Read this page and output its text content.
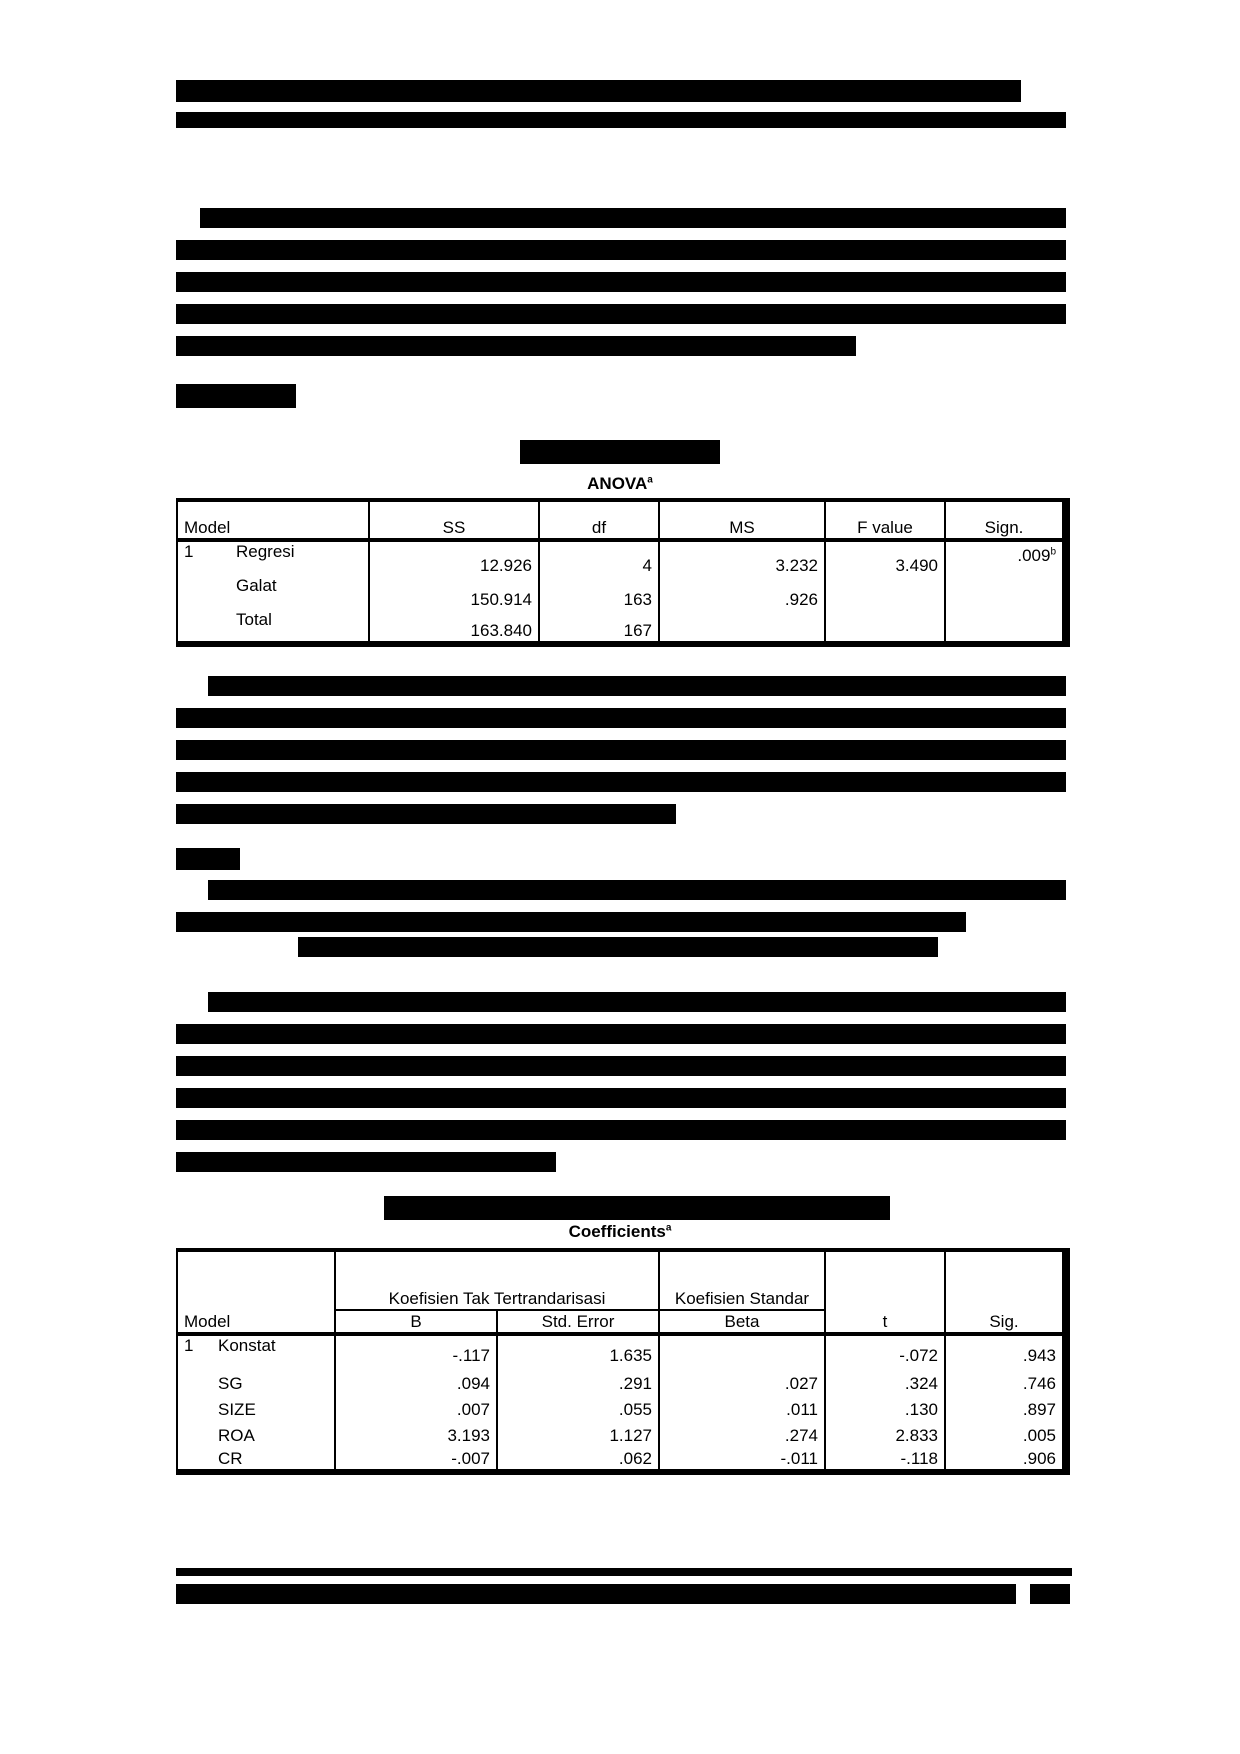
ANOVA$^a$
Model		SS	df	MS	F value	Sign.
1	Regresi	12.926	4	3.232	3.490	.009$^b$
	Galat	150.914	163	.926		
	Total	163.840	167			
Coefficients$^a$
Model		Koefisien Tak Tertrandarisasi		Koefisien Standar	t	Sig.
		B	Std. Error	Beta		
1	Konstat	-.117	1.635		-.072	.943
	SG	.094	.291	.027	.324	.746
	SIZE	.007	.055	.011	.130	.897
	ROA	3.193	1.127	.274	2.833	.005
	CR	-.007	.062	-.011	-.118	.906
